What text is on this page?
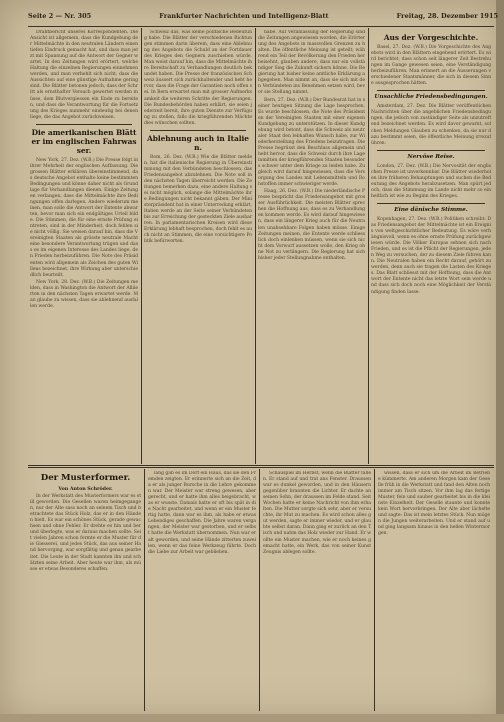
Seite 2 — Nr. 305	Frankfurter Nachrichten und Intelligenz-Blatt	Freitag, 28. Dezember 1915

Drahtbericht unseres Korrespondenten. Die Ansicht ist allgemein, dass die Kundgebung der Mittelmächte in den neutralen Ländern einen tiefen Eindruck gemacht hat, und dass man jetzt mit Spannung auf die Antwort der Gegner wartet. In den Zeitungen wird erörtert, welche Haltung die einzelnen Regierungen einnehmen werden, und man verhehlt sich nicht, dass die Aussichten auf eine günstige Aufnahme gering sind. Die Blätter betonen jedoch, dass der Schritt als ernsthafter Versuch gewertet werden müsse, dem Blutvergiessen ein Ende zu bereiten, und dass die Verantwortung für die Fortsetzung des Krieges nunmehr eindeutig bei denen liege, die das Angebot zurückweisen.

Die amerikanischen Blätter im englischen Fahrwasser.

New York, 27. Dez. (W.B.) Die Presse folgt in ihrer Mehrheit der englischen Auffassung. Die grossen Blätter erklären übereinstimmend, das deutsche Angebot enthalte keine bestimmten Bedingungen und könne daher nicht als Grundlage für Verhandlungen dienen. Einige Zeitungen verlangen, dass die Mittelmächte ihre Bedingungen offen darlegen. Andere wiederum meinen, man solle die Antwort der Entente abwarten, bevor man sich ein endgültiges Urteil bilde. Die Stimmen, die für eine ernste Prüfung eintreten, sind in der Minderheit, doch fehlen sie nicht völlig. Sie weisen darauf hin, dass die Vereinigten Staaten als grösste neutrale Macht eine besondere Verantwortung trügen und dass es im eigenen Interesse des Landes liege, den Frieden herbeizuführen. Die Note des Präsidenten wird allgemein als Zeichen des guten Willens bezeichnet, ihre Wirkung aber unterschiedlich beurteilt.

New York, 28. Dez. (W.B.) Die Zeitungen melden, dass in Washington die Antwort der Alliierten in den nächsten Tagen erwartet werde. Man glaube zu wissen, dass sie ablehnend ausfallen werde.

Schweiz das, was keine politische Bedeutung habe. Die Blätter der verschiedenen Richtungen stimmen darin überein, dass eine Ablehnung des Angebots die Schuld an der Fortdauer des Krieges den Gegnern zuschieben würde. Man weist darauf hin, dass die Mittelmächte ihre Bereitschaft zu Verhandlungen deutlich bekundet haben. Die Presse der französischen Schweiz äussert sich zurückhaltender und hebt hervor, dass die Frage der Garantien noch offen sei. In Bern erwartet man mit grosser Aufmerksamkeit die weiteren Schritte der Regierungen. Die Bundesbehörden haben erklärt, sie seien jederzeit bereit, ihre guten Dienste zur Verfügung zu stellen, falls die kriegführenden Mächte dies wünschen sollten.

Ablehnung auch in Italien.

Rom, 26. Dez. (W.B.) Wie die Blätter melden, hat die italienische Regierung in Übereinstimmung mit den Verbündeten beschlossen, das Friedensangebot abzulehnen. Die Note soll in den nächsten Tagen überreicht werden. Die Zeitungen bemerken dazu, eine andere Haltung sei nicht möglich, solange die Mittelmächte ihre Bedingungen nicht bekannt gäben. Der Ministerpräsident hat in einer Unterredung erklärt, Italien werde an der Seite seiner Verbündeten bis zur Erreichung der gesteckten Ziele ausharren. In parlamentarischen Kreisen wird diese Erklärung lebhaft besprochen, doch fehlt es auch nicht an Stimmen, die eine vorsichtigere Politik befürworten.

habe. Auf Veranlassung der Regierung sind die Zeitungen angewiesen worden, die Erörterung des Angebots in massvollen Grenzen zu halten. Die öffentliche Meinung ist geteilt; während ein Teil der Bevölkerung den Frieden herbeisehnt, glauben andere, dass nur ein vollständiger Sieg die Zukunft sichern könne. Die Regierung hat bisher keine amtliche Erklärung abgegeben. Man nimmt an, dass sie sich mit den Verbündeten ins Benehmen setzen wird, bevor sie Stellung nimmt.

Bern, 27. Dez. (W.B.) Der Bundesrat hat in seiner heutigen Sitzung die Lage besprochen. Es wurde beschlossen, die Note des Präsidenten der Vereinigten Staaten mit einer eigenen Kundgebung zu unterstützen. In dieser Kundgebung wird betont, dass die Schweiz als neutraler Staat den lebhaften Wunsch habe, zur Wiederherstellung des Friedens beizutragen. Die Presse begrüsst den Beschluss allgemein und hebt hervor, dass die Schweiz durch ihre Lage inmitten der kriegführenden Staaten besonders schwer unter dem Kriege zu leiden habe. Zugleich wird darauf hingewiesen, dass die Versorgung des Landes mit Lebensmitteln und Rohstoffen immer schwieriger werde.

Haag, 26. Dez. (W.B.) Die niederländische Presse bespricht das Friedensangebot mit grosser Ausführlichkeit. Die meisten Blätter sprechen die Hoffnung aus, dass es zu Verhandlungen kommen werde. Es wird darauf hingewiesen, dass ein längerer Krieg auch für die Neutralen unabsehbare Folgen haben müsse. Einige Zeitungen meinen, die Entente werde schliesslich doch einlenken müssen, wenn sie sich nicht dem Vorwurf aussetzen wolle, den Krieg ohne Not zu verlängern. Die Regierung hat sich bisher jeder Stellungnahme enthalten.

Aus der Vorgeschichte.

Basel, 27. Dez. (W.B.) Die Vorgeschichte des Angebots wird in den Blättern eingehend erörtert. Es wird berichtet, dass schon seit längerer Zeit Bestrebungen im Gange gewesen seien, eine Verständigung herbeizuführen. Man erinnert an die Äusserungen verschiedener Staatsmänner, die sich in diesem Sinne ausgesprochen hätten.

Unsachliche Friedensbedingungen.

Amsterdam, 27. Dez. Die Blätter veröffentlichen Nachrichten über die angeblichen Friedensbedingungen, die jedoch von zuständiger Seite als unzutreffend bezeichnet werden. Es wird davor gewarnt, solchen Meldungen Glauben zu schenken, da sie nur dazu bestimmt seien, die öffentliche Meinung irrezuführen.

Nervöse Reise.

London, 27. Dez. (W.B.) Die Nervosität der englischen Presse ist unverkennbar. Die Blätter wiederholen ihre früheren Behauptungen und suchen die Bedeutung des Angebots herabzusetzen. Man spürt jedoch, dass die Stimmung im Lande nicht mehr so einheitlich ist wie zu Beginn des Krieges.

Eine dänische Stimme.

Kopenhagen, 27. Dez. (W.B.) Politiken schreibt: Das Friedensangebot der Mittelmächte ist ein Ereignis von weltgeschichtlicher Bedeutung. Es wäre verhängnisvoll, wenn es ohne ernste Prüfung zurückgewiesen würde. Die Völker Europas sehnen sich nach Frieden, und es ist die Pflicht der Regierungen, jeden Weg zu versuchen, der zu diesem Ziele führen kann. Die Neutralen haben ein Recht darauf, gehört zu werden, denn auch sie tragen die Lasten des Krieges. Das Blatt schliesst mit der Hoffnung, dass die Antwort der Entente nicht das letzte Wort sein werde und dass sich doch noch eine Möglichkeit der Verständigung finden lasse.

Der Musterformer.
Von Anton Schröder.

In der Werkstatt des Musterformers war es still geworden. Die Gesellen waren heimgegangen, nur der Alte sass noch an seinem Tisch und betrachtete das Stück Holz, das er in den Händen hielt. Es war ein schönes Stück, gerade gewachsen und ohne Fehler. Er drehte es hin und her und überlegte, was er daraus machen sollte. Seit vielen Jahren schon formte er die Muster für die Giesserei, und jedes Stück, das aus seiner Hand hervorging, war sorgfältig und genau gearbeitet. Die Leute in der Stadt kannten ihn und schätzten seine Arbeit. Aber heute war ihm, als müsse er etwas Besonderes schaffen.

lang gab es im Dorf ein Haus, das sie den Fremden zeigten. Er erinnerte sich an die Zeit, da er als junger Bursche in die Lehre gekommen war. Der Meister war streng gewesen, aber gerecht, und er hatte ihm alles beigebracht, was er wusste. Damals hatte er oft bis spät in die Nacht gearbeitet, und wenn er ein Muster fertig hatte, dann war es ihm, als habe er etwas Lebendiges geschaffen. Die Jahre waren vergangen, der Meister war gestorben, und er selbst hatte die Werkstatt übernommen. Nun war er alt geworden, und seine Hände zitterten zuweilen, wenn er das feine Werkzeug führte. Doch die Liebe zur Arbeit war geblieben.

Schauspiel im Herbst, wenn die Blätter fallen. Er stand auf und trat ans Fenster. Draussen war es dunkel geworden, und in den Häusern gegenüber brannten die Lichter. Er dachte an seinen Sohn, der draussen im Felde stand. Seit Wochen hatte er keine Nachricht von ihm erhalten. Die Mutter sorgte sich sehr, aber er versuchte, ihr Mut zu machen. Es wird schon alles gut werden, sagte er immer wieder, und er glaubte selbst daran. Dann ging er zurück an den Tisch und nahm das Holz wieder zur Hand. Er wollte ein Muster machen, wie er noch keines gemacht hatte, ein Werk, das von seiner Kunst Zeugnis ablegen sollte.

wissen, dass er sich um die Arbeit im Betriebe kümmerte. Am anderen Morgen kam der Geselle früh in die Werkstatt und fand den Alten noch immer am Tisch sitzen. Vor ihm lag das fertige Muster, fein und sauber gearbeitet bis in die kleinste Einzelheit. Der Geselle staunte und konnte kein Wort hervorbringen. Der Alte aber lächelte und sagte: Das ist mein letztes Stück. Nun mögen die Jungen weiterarbeiten. Und er stand auf und ging langsam hinaus in den hellen Wintermorgen.
